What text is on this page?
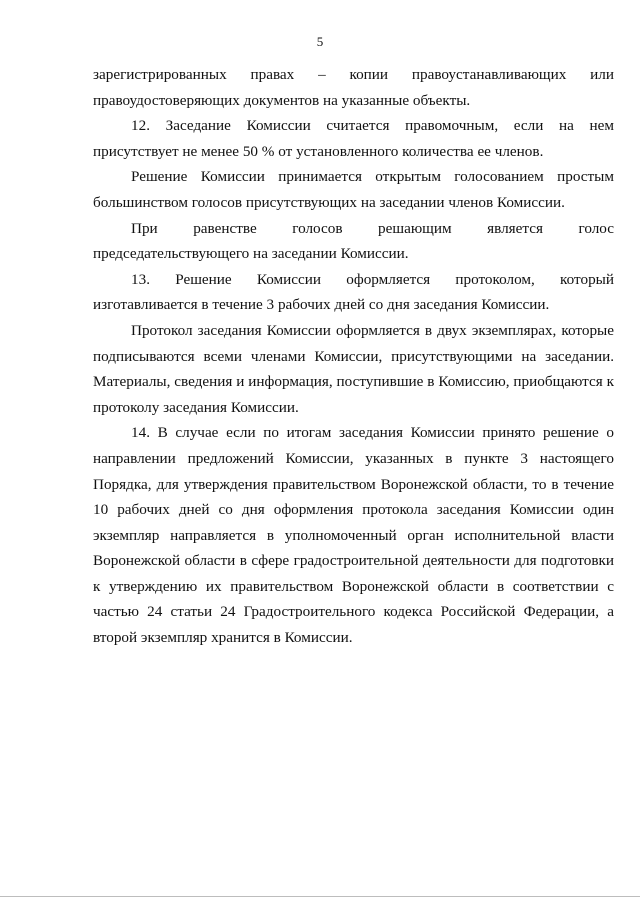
5

зарегистрированных правах – копии правоустанавливающих или правоудостоверяющих документов на указанные объекты.

12. Заседание Комиссии считается правомочным, если на нем присутствует не менее 50 % от установленного количества ее членов.

Решение Комиссии принимается открытым голосованием простым большинством голосов присутствующих на заседании членов Комиссии.

При равенстве голосов решающим является голос председательствующего на заседании Комиссии.

13. Решение Комиссии оформляется протоколом, который изготавливается в течение 3 рабочих дней со дня заседания Комиссии.

Протокол заседания Комиссии оформляется в двух экземплярах, которые подписываются всеми членами Комиссии, присутствующими на заседании. Материалы, сведения и информация, поступившие в Комиссию, приобщаются к протоколу заседания Комиссии.

14. В случае если по итогам заседания Комиссии принято решение о направлении предложений Комиссии, указанных в пункте 3 настоящего Порядка, для утверждения правительством Воронежской области, то в течение 10 рабочих дней со дня оформления протокола заседания Комиссии один экземпляр направляется в уполномоченный орган исполнительной власти Воронежской области в сфере градостроительной деятельности для подготовки к утверждению их правительством Воронежской области в соответствии с частью 24 статьи 24 Градостроительного кодекса Российской Федерации, а второй экземпляр хранится в Комиссии.
